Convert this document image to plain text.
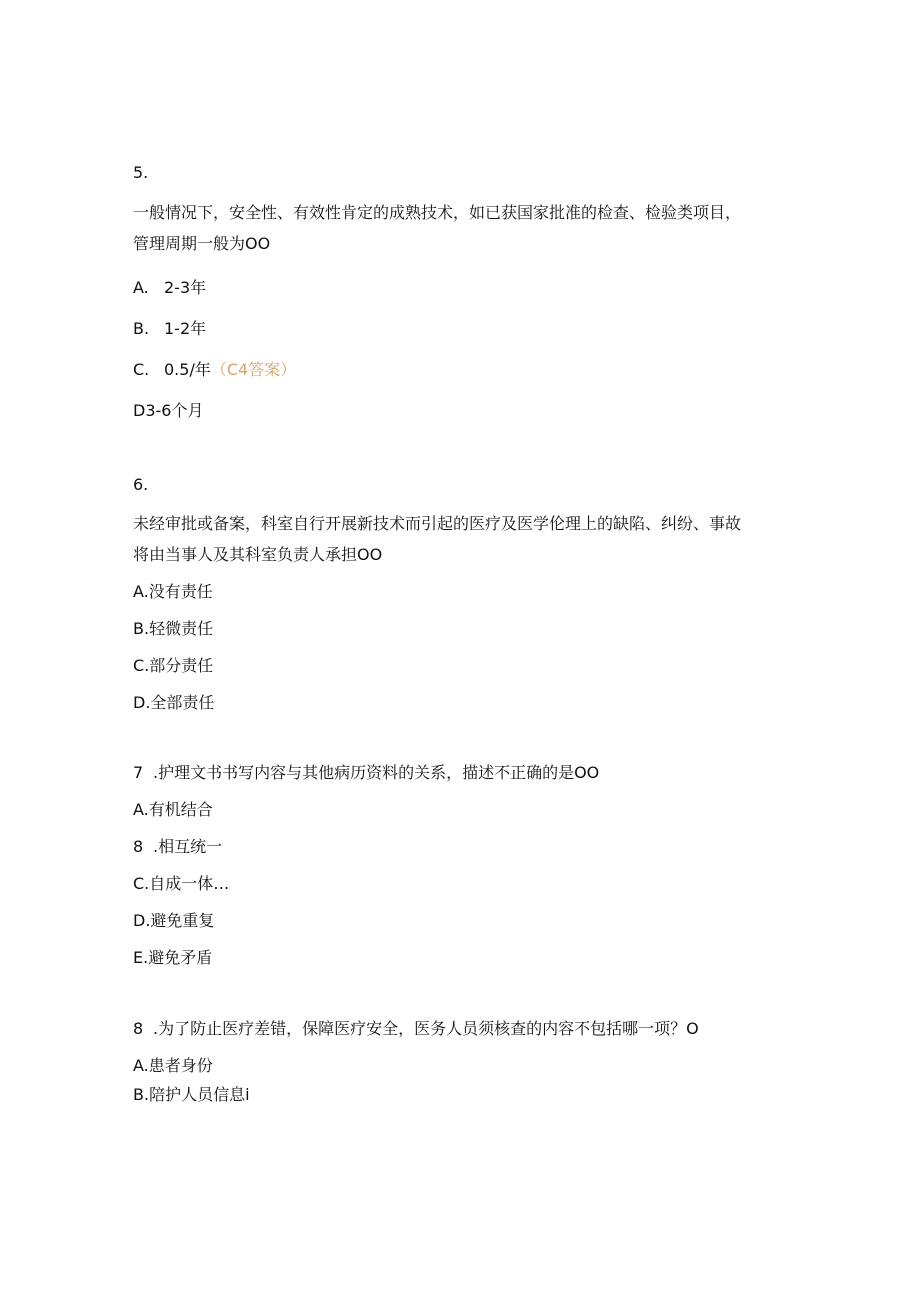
5.

一般情况下，安全性、有效性肯定的成熟技术，如已获国家批准的检查、检验类项目，

管理周期一般为OO

A. 2-3年

B. 1-2年

C. 0.5/年（C4答案）

D3-6个月

6.

未经审批或备案，科室自行开展新技术而引起的医疗及医学伦理上的缺陷、纠纷、事故

将由当事人及其科室负责人承担OO

A.没有责任

B.轻微责任

C.部分责任

D.全部责任

7 .护理文书书写内容与其他病历资料的关系，描述不正确的是OO

A.有机结合

8 .相互统一

C.自成一体…

D.避免重复

E.避免矛盾

8 .为了防止医疗差错，保障医疗安全，医务人员须核查的内容不包括哪一项？O

A.患者身份

B.陪护人员信息i
